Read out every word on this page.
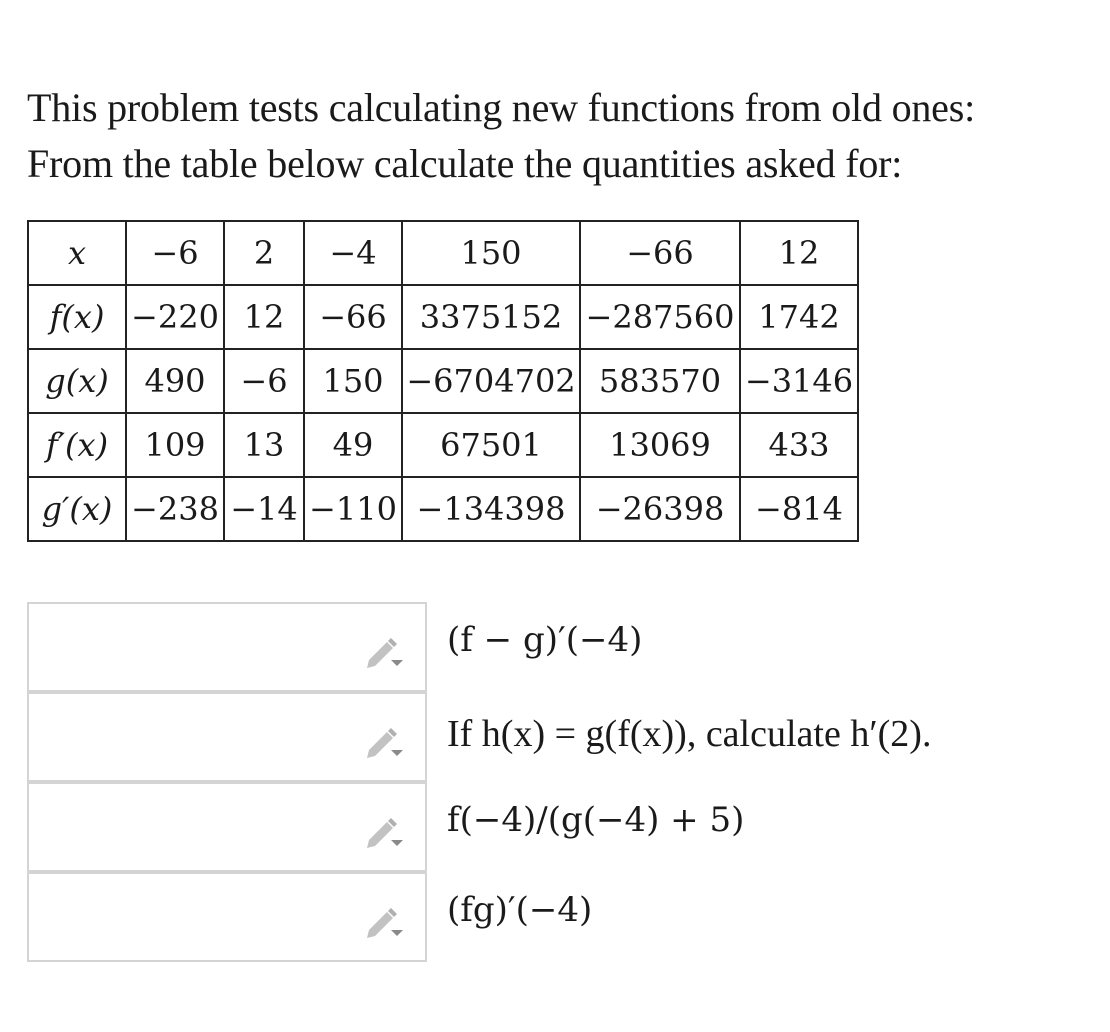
This problem tests calculating new functions from old ones:

From the table below calculate the quantities asked for:

x	−6	2	−4	150	−66	12
f(x)	−220	12	−66	3375152	−287560	1742
g(x)	490	−6	150	−6704702	583570	−3146
f′(x)	109	13	49	67501	13069	433
g′(x)	−238	−14	−110	−134398	−26398	−814
(f − g)′(−4)
If h(x) = g(f(x)), calculate h′(2).
f(−4)/(g(−4) + 5)
(fg)′(−4)
